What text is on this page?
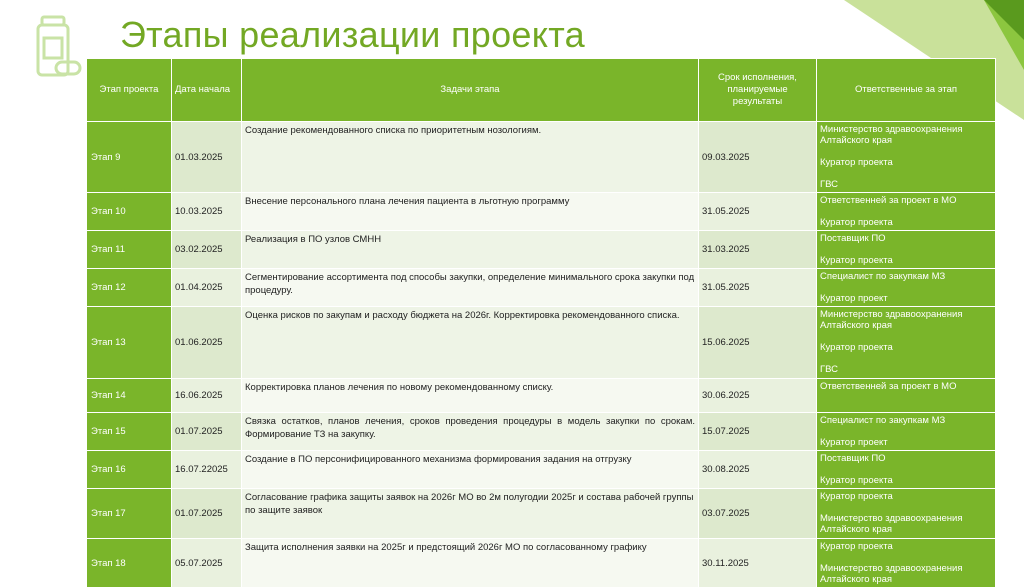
Этапы реализации проекта
Этап проекта	Дата начала	Задачи этапа	Срок исполнения, планируемые результаты	Ответственные за этап
Этап 9	01.03.2025	Создание рекомендованного списка по приоритетным нозологиям.	09.03.2025	Министерство здравоохранения Алтайского края

Куратор проекта

ГВС

Этап 10	10.03.2025	Внесение персонального плана лечения пациента в льготную программу	31.05.2025	Ответственней за проект в МО

Куратор проекта

Этап 11	03.02.2025	Реализация в ПО узлов СМНН	31.03.2025	Поставщик ПО

Куратор проекта

Этап 12	01.04.2025	Сегментирование ассортимента под способы закупки, определение минимального срока закупки под процедуру.	31.05.2025	Специалист по закупкам МЗ

Куратор проект

Этап 13	01.06.2025	Оценка рисков по закупам и расходу бюджета на 2026г. Корректировка рекомендованного списка.	15.06.2025	Министерство здравоохранения Алтайского края

Куратор проекта

ГВС

Этап 14	16.06.2025	Корректировка планов лечения по новому рекомендованному списку.	30.06.2025	Ответственней за проект в МО

Этап 15	01.07.2025	Связка остатков, планов лечения, сроков проведения процедуры в модель закупки по срокам. Формирование ТЗ на закупку.	15.07.2025	Специалист по закупкам МЗ

Куратор проект

Этап 16	16.07.22025	Создание в ПО персонифицированного механизма формирования задания на отгрузку	30.08.2025	Поставщик ПО

Куратор проекта

Этап 17	01.07.2025	Согласование графика защиты заявок на 2026г МО во 2м полугодии 2025г и состава рабочей группы по защите заявок	03.07.2025	Куратор проекта

Министерство здравоохранения Алтайского края

Этап 18	05.07.2025	Защита исполнения заявки на 2025г и предстоящий 2026г МО по согласованному графику	30.11.2025	Куратор проекта

Министерство здравоохранения Алтайского края
